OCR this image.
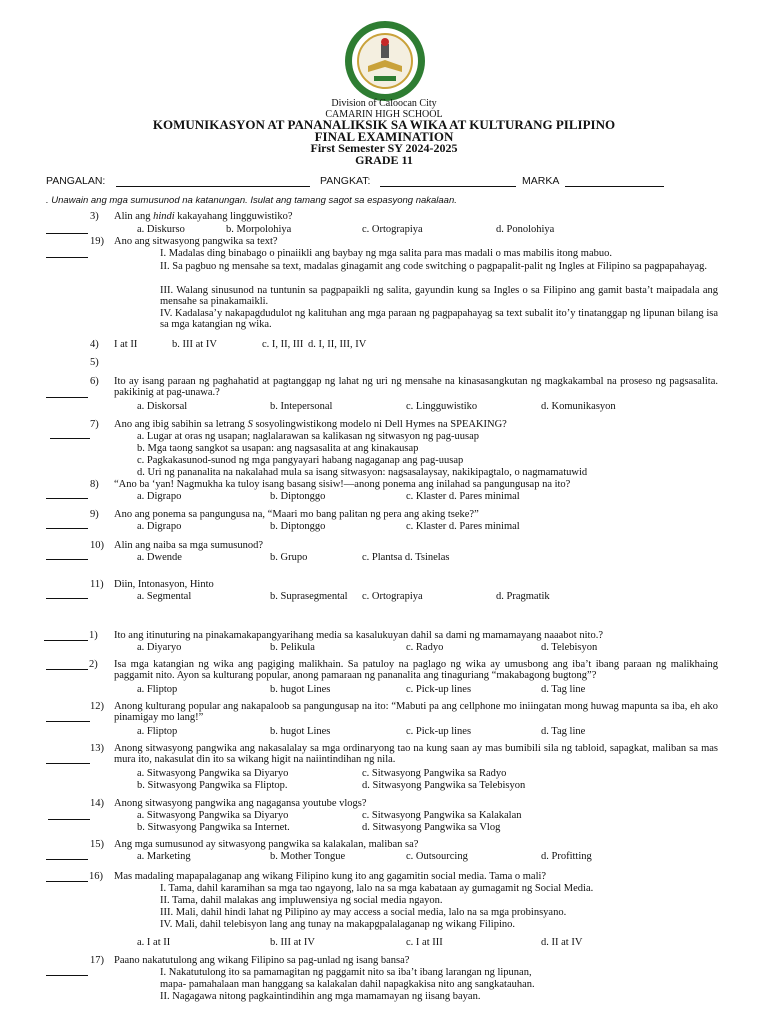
Division of Caloocan City
CAMARIN HIGH SCHOOL
KOMUNIKASYON AT PANANALIKSIK SA WIKA AT KULTURANG PILIPINO
FINAL EXAMINATION
First Semester SY 2024-2025
GRADE 11
PANGALAN:	PANGKAT:	MARKA
. Unawain ang mga sumusunod na katanungan. Isulat ang tamang sagot sa espasyong nakalaan.
3) Alin ang hindi kakayahang lingguwistiko?
a. Diskurso	b. Morpolohiya	c. Ortograpiya	d. Ponolohiya
19) Ano ang sitwasyong pangwika sa text?
I. Madalas ding binabago o pinaiikli ang baybay ng mga salita para mas madali o mas mabilis itong mabuo.
II. Sa pagbuo ng mensahe sa text, madalas ginagamit ang code switching o pagpapalit-palit ng Ingles at Filipino sa pagpapahayag.
III. Walang sinusunod na tuntunin sa pagpapaikli ng salita, gayundin kung sa Ingles o sa Filipino ang gamit basta’t maipadala ang mensahe sa pinakamaikli.
IV. Kadalasa’y nakapagdudulot ng kalituhan ang mga paraan ng pagpapahayag sa text subalit ito’y tinatanggap ng lipunan bilang isa sa mga katangian ng wika.
4) I at II	b. III at IV	c. I, II, III d. I, II, III, IV
5)
6) Ito ay isang paraan ng paghahatid at pagtanggap ng lahat ng uri ng mensahe na kinasasangkutan ng magkakambal na proseso ng pagsasalita. pakikinig at pag-unawa.?
a. Diskorsal	b. Intepersonal	c. Lingguwistiko	d. Komunikasyon
7) Ano ang ibig sabihin sa letrang S sosyolingwistikong modelo ni Dell Hymes na SPEAKING?
a. Lugar at oras ng usapan; naglalarawan sa kalikasan ng sitwasyon ng pag-uusap
b. Mga taong sangkot sa usapan: ang nagsasalita at ang kinakausap
c. Pagkakasunod-sunod ng mga pangyayari habang nagaganap ang pag-uusap
d. Uri ng pananalita na nakalahad mula sa isang sitwasyon: nagsasalaysay, nakikipagtalo, o nagmamatuwid
8) “Ano ba ‘yan! Nagmukha ka tuloy isang basang sisiw!—anong ponema ang inilahad sa pangungusap na ito?
a. Digrapo	b. Diptonggo	c. Klaster d. Pares minimal
9) Ano ang ponema sa pangungusa na, “Maari mo bang palitan ng pera ang aking tseke?”
a. Digrapo	b. Diptonggo	c. Klaster d. Pares minimal
10) Alin ang naiba sa mga sumusunod?
a. Dwende	b. Grupo	c. Plantsa d. Tsinelas
11) Diin, Intonasyon, Hinto
a. Segmental	b. Suprasegmental c. Ortograpiya	d. Pragmatik
1) Ito ang itinuturing na pinakamakapangyarihang media sa kasalukuyan dahil sa dami ng mamamayang naaabot nito.?
a. Diyaryo	b. Pelikula	c. Radyo	d. Telebisyon
2) Isa mga katangian ng wika ang pagiging malikhain. Sa patuloy na paglago ng wika ay umusbong ang iba’t ibang paraan ng malikhaing paggamit nito. Ayon sa kulturang popular, anong pamaraan ng pananalita ang tinaguriang “makabagong bugtong”?
a. Fliptop	b. hugot Lines	c. Pick-up lines	d. Tag line
12) Anong kulturang popular ang nakapaloob sa pangungusap na ito: “Mabuti pa ang cellphone mo iniingatan mong huwag mapunta sa iba, eh ako pinamigay mo lang!”
a. Fliptop	b. hugot Lines	c. Pick-up lines	d. Tag line
13) Anong sitwasyong pangwika ang nakasalalay sa mga ordinaryong tao na kung saan ay mas bumibili sila ng tabloid, sapagkat, maliban sa mas mura ito, nakasulat din ito sa wikang higit na naiintindihan ng nila.
a. Sitwasyong Pangwika sa Diyaryo	c. Sitwasyong Pangwika sa Radyo
b. Sitwasyong Pangwika sa Fliptop.	d. Sitwasyong Pangwika sa Telebisyon
14) Anong sitwasyong pangwika ang nagagansa youtube vlogs?
a. Sitwasyong Pangwika sa Diyaryo	c. Sitwasyong Pangwika sa Kalakalan
b. Sitwasyong Pangwika sa Internet.	d. Sitwasyong Pangwika sa Vlog
15) Ang mga sumusunod ay sitwasyong pangwika sa kalakalan, maliban sa?
a. Marketing	b. Mother Tongue	c. Outsourcing	d. Profitting
16) Mas madaling mapapalaganap ang wikang Filipino kung ito ang gagamitin social media. Tama o mali?
I. Tama, dahil karamihan sa mga tao ngayong, lalo na sa mga kabataan ay gumagamit ng Social Media.
II. Tama, dahil malakas ang impluwensiya ng social media ngayon.
III. Mali, dahil hindi lahat ng Pilipino ay may access a social media, lalo na sa mga probinsyano.
IV. Mali, dahil telebisyon lang ang tunay na makapgpalalaganap ng wikang Filipino.
a. I at II	b. III at IV	c. I at III	d. II at IV
17) Paano nakatutulong ang wikang Filipino sa pag-unlad ng isang bansa?
I. Nakatutulong ito sa pamamagitan ng paggamit nito sa iba’t ibang larangan ng lipunan,
mapa- pamahalaan man hanggang sa kalakalan dahil napagkakisa nito ang sangkatauhan.
II. Nagagawa nitong pagkaintindihin ang mga mamamayan ng iisang bayan.
